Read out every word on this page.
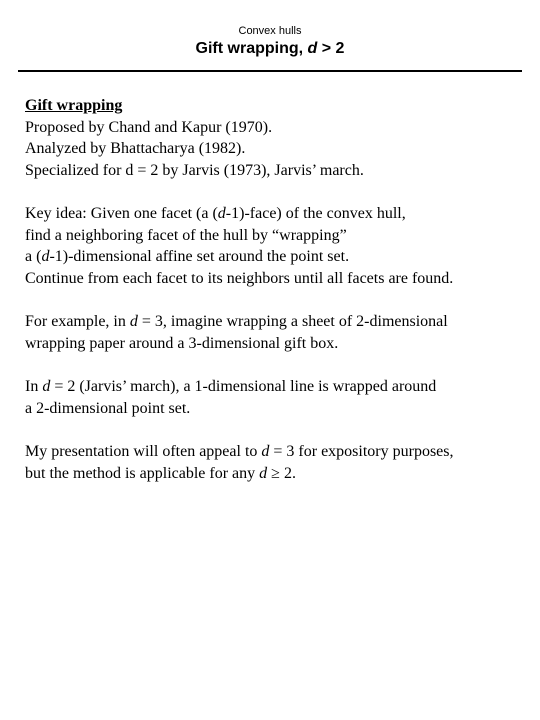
Convex hulls
Gift wrapping, d > 2
Gift wrapping
Proposed by Chand and Kapur (1970).
Analyzed by Bhattacharya (1982).
Specialized for d = 2 by Jarvis (1973), Jarvis’ march.
Key idea: Given one facet (a (d-1)-face) of the convex hull,
find a neighboring facet of the hull by “wrapping”
a (d-1)-dimensional affine set around the point set.
Continue from each facet to its neighbors until all facets are found.
For example, in d = 3, imagine wrapping a sheet of 2-dimensional
wrapping paper around a 3-dimensional gift box.
In d = 2 (Jarvis’ march), a 1-dimensional line is wrapped around
a 2-dimensional point set.
My presentation will often appeal to d = 3 for expository purposes,
but the method is applicable for any d ≥ 2.
